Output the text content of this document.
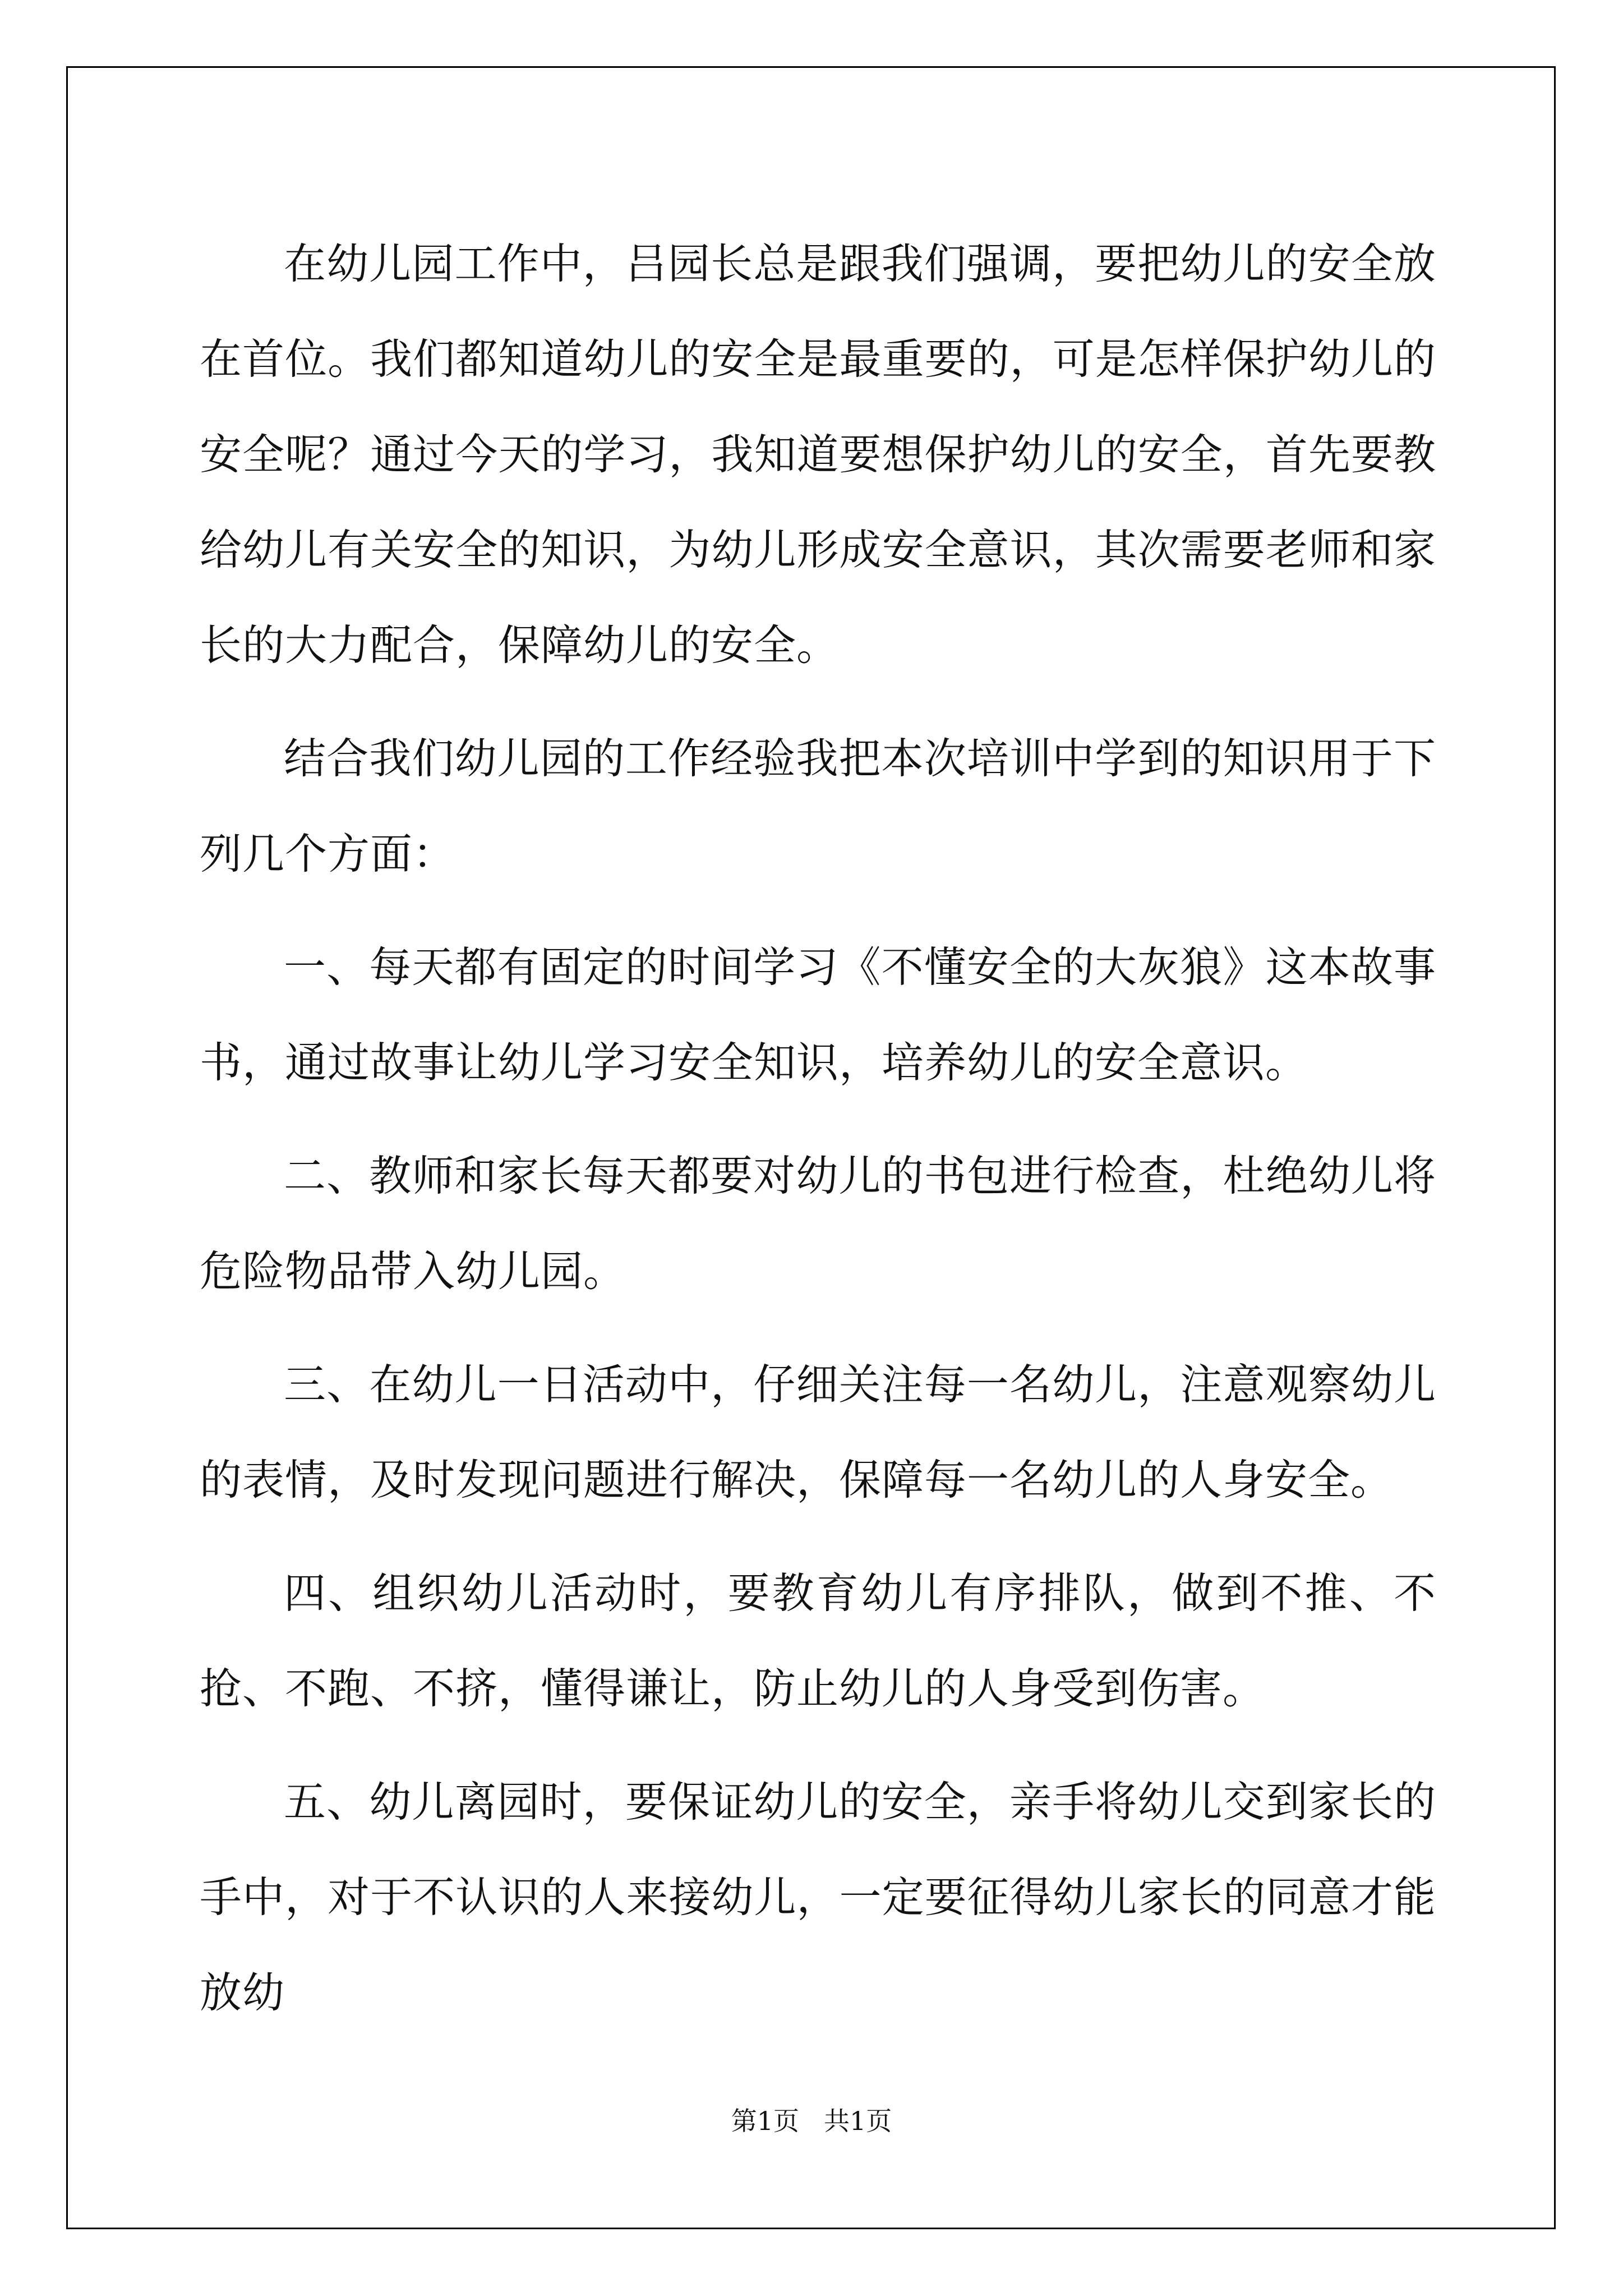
在幼儿园工作中，吕园长总是跟我们强调，要把幼儿的安全放在首位。我们都知道幼儿的安全是最重要的，可是怎样保护幼儿的安全呢？通过今天的学习，我知道要想保护幼儿的安全，首先要教给幼儿有关安全的知识，为幼儿形成安全意识，其次需要老师和家长的大力配合，保障幼儿的安全。

结合我们幼儿园的工作经验我把本次培训中学到的知识用于下列几个方面：

一、每天都有固定的时间学习《不懂安全的大灰狼》这本故事书，通过故事让幼儿学习安全知识，培养幼儿的安全意识。

二、教师和家长每天都要对幼儿的书包进行检查，杜绝幼儿将危险物品带入幼儿园。

三、在幼儿一日活动中，仔细关注每一名幼儿，注意观察幼儿的表情，及时发现问题进行解决，保障每一名幼儿的人身安全。

四、组织幼儿活动时，要教育幼儿有序排队，做到不推、不抢、不跑、不挤，懂得谦让，防止幼儿的人身受到伤害。

五、幼儿离园时，要保证幼儿的安全，亲手将幼儿交到家长的手中，对于不认识的人来接幼儿，一定要征得幼儿家长的同意才能放幼

第1页 共1页
